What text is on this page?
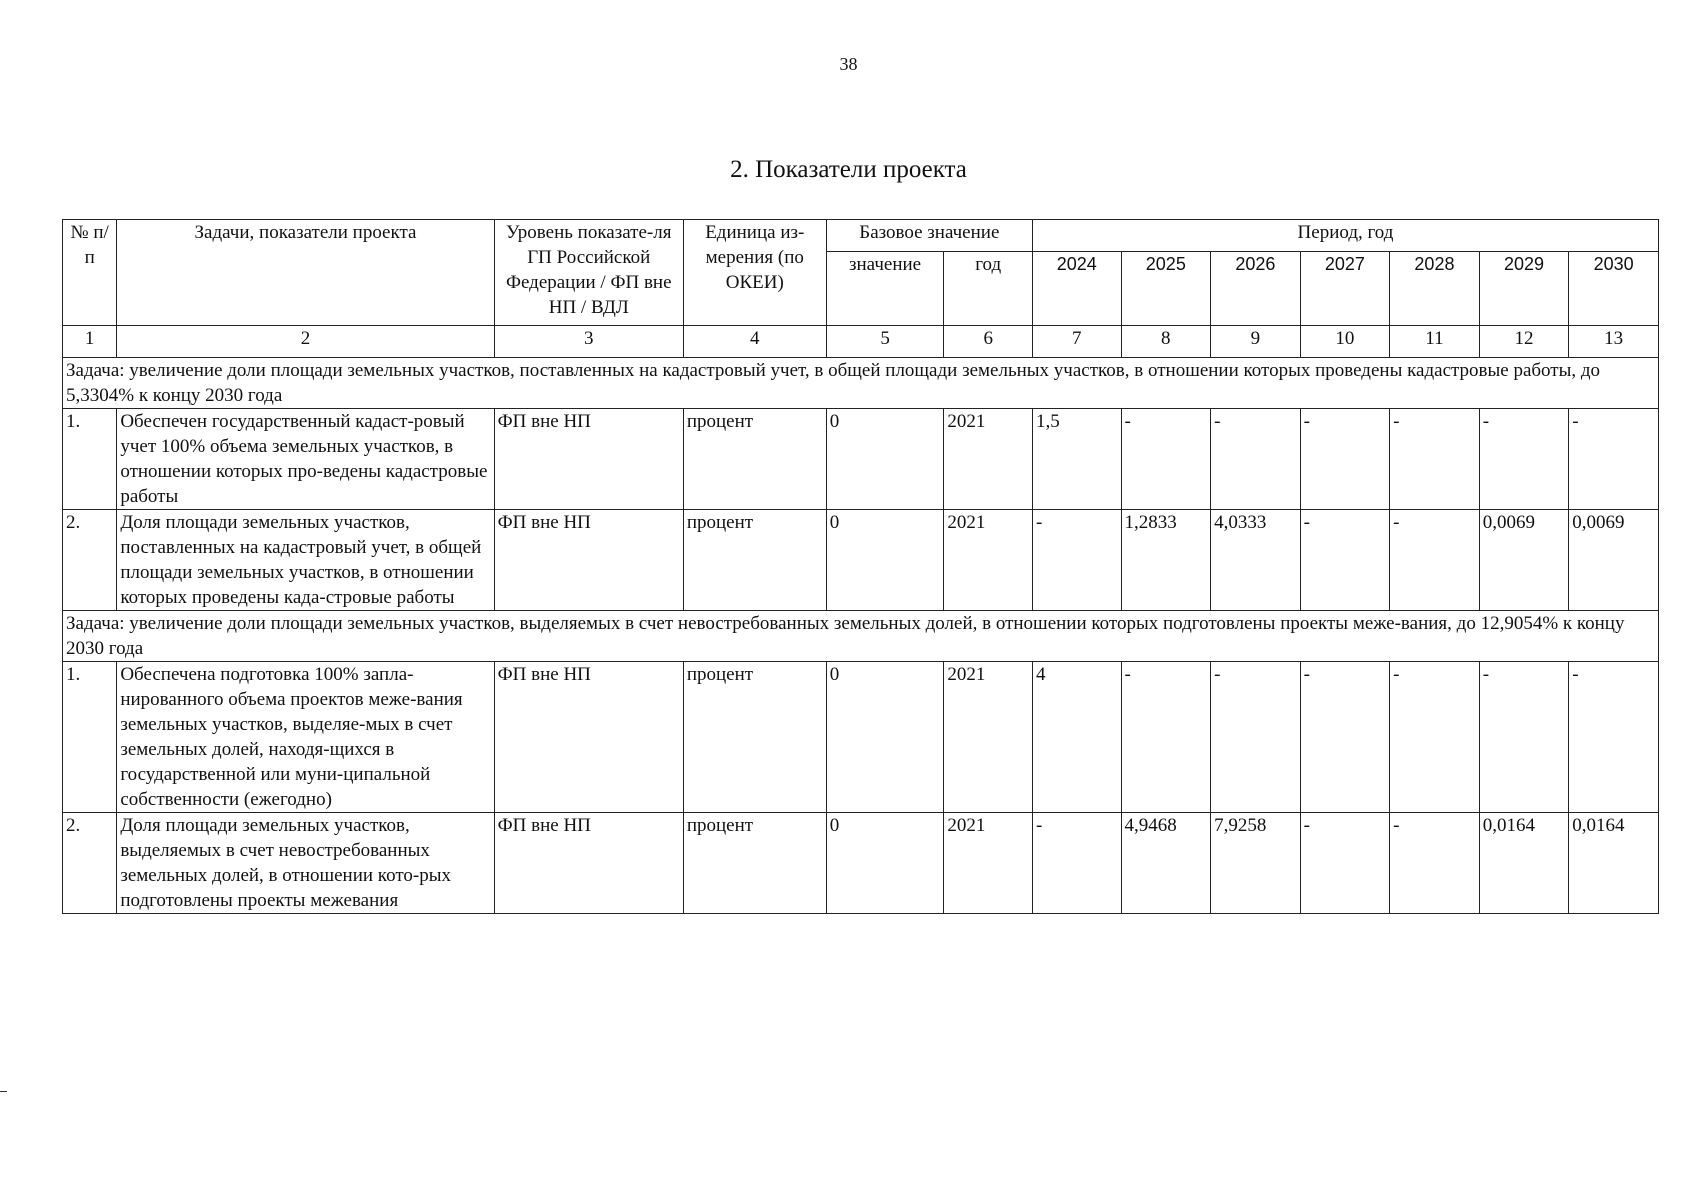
38
2. Показатели проекта
№ п/п	Задачи, показатели проекта	Уровень показате-ля ГП Российской Федерации / ФП вне НП / ВДЛ	Единица из-мерения (по ОКЕИ)	Базовое значение		Период, год						
				значение	год	2024	2025	2026	2027	2028	2029	2030
1	2	3	4	5	6	7	8	9	10	11	12	13
Задача: увеличение доли площади земельных участков, поставленных на кадастровый учет, в общей площади земельных участков, в отношении которых проведены кадастровые работы, до 5,3304% к концу 2030 года												
1.	Обеспечен государственный кадаст-ровый учет 100% объема земельных участков, в отношении которых про-ведены кадастровые работы	ФП вне НП	процент	0	2021	1,5	-	-	-	-	-	-
2.	Доля площади земельных участков, поставленных на кадастровый учет, в общей площади земельных участков, в отношении которых проведены када-стровые работы	ФП вне НП	процент	0	2021	-	1,2833	4,0333	-	-	0,0069	0,0069
Задача: увеличение доли площади земельных участков, выделяемых в счет невостребованных земельных долей, в отношении которых подготовлены проекты меже-вания, до 12,9054% к концу 2030 года												
1.	Обеспечена подготовка 100% запла-нированного объема проектов меже-вания земельных участков, выделяе-мых в счет земельных долей, находя-щихся в государственной или муни-ципальной собственности (ежегодно)	ФП вне НП	процент	0	2021	4	-	-	-	-	-	-
2.	Доля площади земельных участков, выделяемых в счет невостребованных земельных долей, в отношении кото-рых подготовлены проекты межевания	ФП вне НП	процент	0	2021	-	4,9468	7,9258	-	-	0,0164	0,0164
